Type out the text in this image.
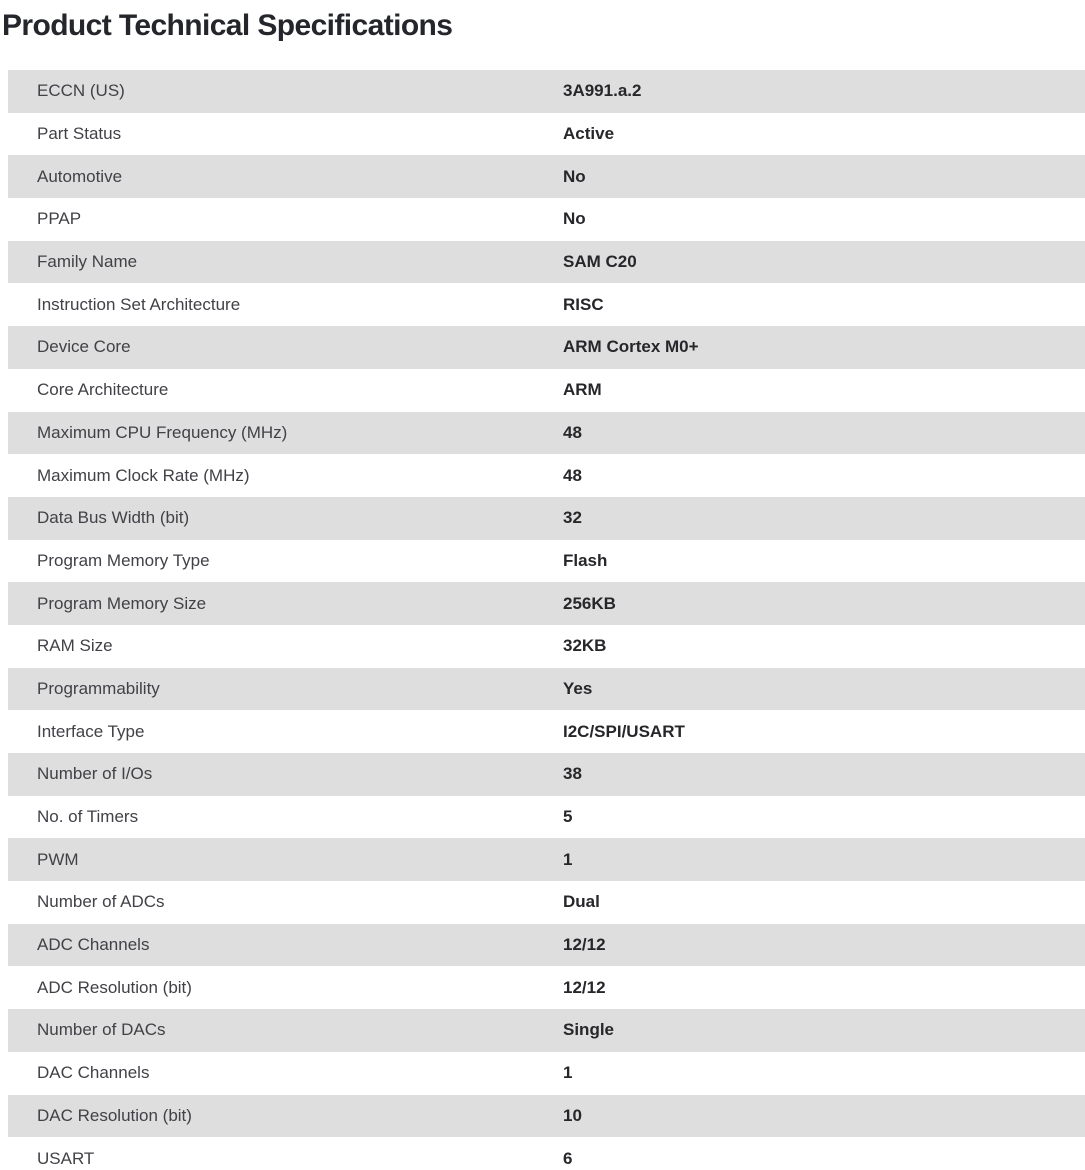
Product Technical Specifications
ECCN (US)	3A991.a.2
Part Status	Active
Automotive	No
PPAP	No
Family Name	SAM C20
Instruction Set Architecture	RISC
Device Core	ARM Cortex M0+
Core Architecture	ARM
Maximum CPU Frequency (MHz)	48
Maximum Clock Rate (MHz)	48
Data Bus Width (bit)	32
Program Memory Type	Flash
Program Memory Size	256KB
RAM Size	32KB
Programmability	Yes
Interface Type	I2C/SPI/USART
Number of I/Os	38
No. of Timers	5
PWM	1
Number of ADCs	Dual
ADC Channels	12/12
ADC Resolution (bit)	12/12
Number of DACs	Single
DAC Channels	1
DAC Resolution (bit)	10
USART	6
